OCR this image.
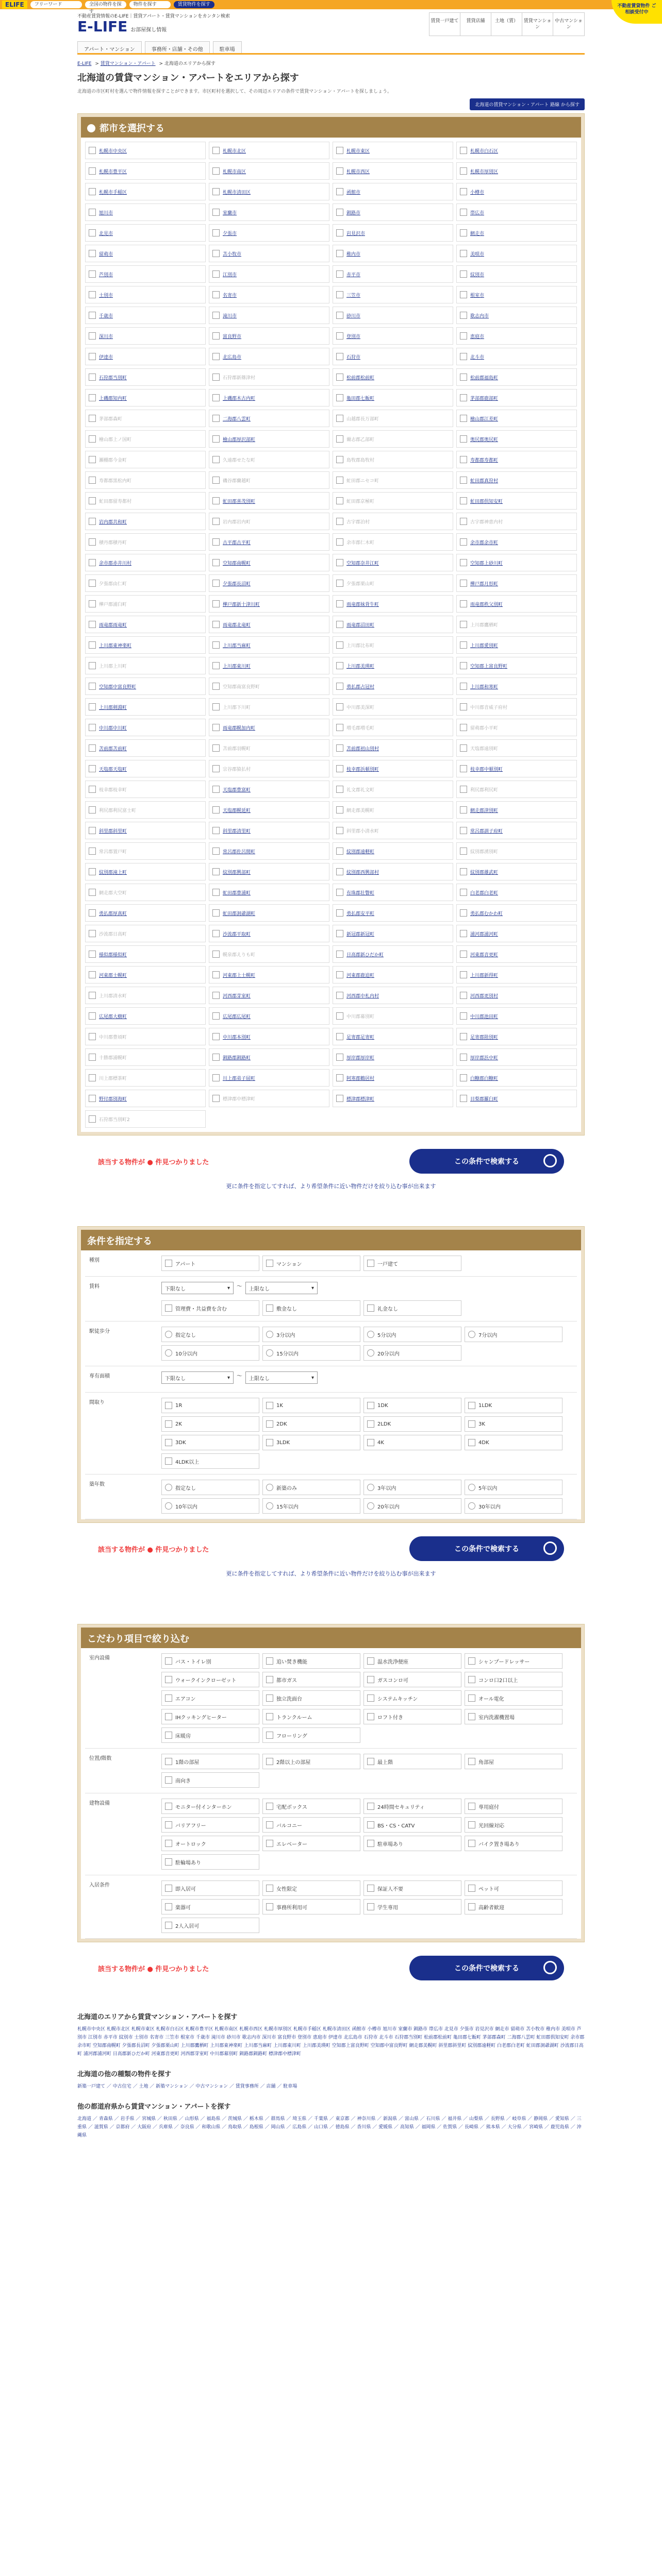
ELIFE	フリーワード	全国の物件を探す
物件を探す	賃貸物件を探す	不動産賃貸物件 ご相談受付中
不動産賃貸情報のE-LIFE｜賃貸アパート・賃貸マンションをカンタン検索
E-LIFE お部屋探し情報
賃貸一戸建て	賃貸店舗	土地（賃）	賃貸マンション
中古マンション
アパート・マンション	事務所・店舗・その他	駐車場
E-LIFE > 賃貸マンション・アパート > 北海道のエリアから探す
北海道の賃貸マンション・アパートをエリアから探す

北海道の市区町村を選んで物件情報を探すことができます。市区町村を選択して、その周辺エリアの条件で賃貸マンション・アパートを探しましょう。

北海道の賃貸マンション・アパート 路線 から探す
都市を選択する
札幌市中央区	札幌市北区	札幌市東区	札幌市白石区
札幌市豊平区	札幌市南区	札幌市西区	札幌市厚別区
札幌市手稲区	札幌市清田区	函館市	小樽市
旭川市	室蘭市	釧路市	帯広市
北見市	夕張市	岩見沢市	網走市
留萌市	苫小牧市	稚内市	美唄市
芦別市	江別市	赤平市	紋別市
士別市	名寄市	三笠市	根室市
千歳市	滝川市	砂川市	歌志内市
深川市	富良野市	登別市	恵庭市
伊達市	北広島市	石狩市	北斗市
石狩郡当別町	石狩郡新篠津村	松前郡松前町	松前郡福島町
上磯郡知内町	上磯郡木古内町	亀田郡七飯町	茅部郡鹿部町
茅部郡森町	二海郡八雲町	山越郡長万部町	檜山郡江差町
檜山郡上ノ国町	檜山郡厚沢部町	爾志郡乙部町	奥尻郡奥尻町
瀬棚郡今金町	久遠郡せたな町	島牧郡島牧村	寿都郡寿都町
寿都郡黒松内町	磯谷郡蘭越町	虻田郡ニセコ町	虻田郡真狩村
虻田郡留寿都村	虻田郡喜茂別町	虻田郡京極町	虻田郡倶知安町
岩内郡共和町	岩内郡岩内町	古宇郡泊村	古宇郡神恵内村
積丹郡積丹町	古平郡古平町	余市郡仁木町	余市郡余市町
余市郡赤井川村	空知郡南幌町	空知郡奈井江町	空知郡上砂川町
夕張郡由仁町	夕張郡長沼町	夕張郡栗山町	樺戸郡月形町
樺戸郡浦臼町	樺戸郡新十津川町	雨竜郡妹背牛町	雨竜郡秩父別町
雨竜郡雨竜町	雨竜郡北竜町	雨竜郡沼田町	上川郡鷹栖町
上川郡東神楽町	上川郡当麻町	上川郡比布町	上川郡愛別町
上川郡上川町	上川郡東川町	上川郡美瑛町	空知郡上富良野町
空知郡中富良野町	空知郡南富良野町	勇払郡占冠村	上川郡和寒町
上川郡剣淵町	上川郡下川町	中川郡美深町	中川郡音威子府村
中川郡中川町	雨竜郡幌加内町	増毛郡増毛町	留萌郡小平町
苫前郡苫前町	苫前郡羽幌町	苫前郡初山別村	天塩郡遠別町
天塩郡天塩町	宗谷郡猿払村	枝幸郡浜頓別町	枝幸郡中頓別町
枝幸郡枝幸町	天塩郡豊富町	礼文郡礼文町	利尻郡利尻町
利尻郡利尻富士町	天塩郡幌延町	網走郡美幌町	網走郡津別町
斜里郡斜里町	斜里郡清里町	斜里郡小清水町	常呂郡訓子府町
常呂郡置戸町	常呂郡佐呂間町	紋別郡遠軽町	紋別郡湧別町
紋別郡滝上町	紋別郡興部町	紋別郡西興部村	紋別郡雄武町
網走郡大空町	虻田郡豊浦町	有珠郡壮瞥町	白老郡白老町
勇払郡厚真町	虻田郡洞爺湖町	勇払郡安平町	勇払郡むかわ町
沙流郡日高町	沙流郡平取町	新冠郡新冠町	浦河郡浦河町
様似郡様似町	幌泉郡えりも町	日高郡新ひだか町	河東郡音更町
河東郡士幌町	河東郡上士幌町	河東郡鹿追町	上川郡新得町
上川郡清水町	河西郡芽室町	河西郡中札内村	河西郡更別村
広尾郡大樹町	広尾郡広尾町	中川郡幕別町	中川郡池田町
中川郡豊頃町	中川郡本別町	足寄郡足寄町	足寄郡陸別町
十勝郡浦幌町	釧路郡釧路町	厚岸郡厚岸町	厚岸郡浜中町
川上郡標茶町	川上郡弟子屈町	阿寒郡鶴居村	白糠郡白糠町
野付郡別海町	標津郡中標津町	標津郡標津町	目梨郡羅臼町
石狩郡当別町2
該当する物件が ● 件見つかりました	この条件で検索する

更に条件を指定してすれば、より希望条件に近い物件だけを絞り込む事が出来ます

条件を指定する
種別
アパート	マンション	一戸建て
賃料	下限なし	▾ 〜 上限なし	▾
管理費・共益費を含む	敷金なし	礼金なし
駅徒歩分
指定なし	3分以内	5分以内	7分以内
10分以内	15分以内	20分以内
専有面積	下限なし	▾ 〜 上限なし	▾
間取り	1R	1K	1DK	1LDK
2K	2DK	2LDK	3K
3DK	3LDK	4K	4DK
4LDK以上
築年数
指定なし	新築のみ	3年以内	5年以内
10年以内	15年以内	20年以内	30年以内
該当する物件が ● 件見つかりました	この条件で検索する

更に条件を指定してすれば、より希望条件に近い物件だけを絞り込む事が出来ます

こだわり項目で絞り込む
室内設備
バス・トイレ別	追い焚き機能	温水洗浄便座	シャンプードレッサー
ウォークインクローゼット	都市ガス	ガスコンロ可	コンロ口2口以上
エアコン	独立洗面台	システムキッチン	オール電化
IHクッキングヒーター	トランクルーム	ロフト付き	室内洗濯機置場
床暖房	フローリング
位置/階数
1階の部屋	2階以上の部屋	最上階	角部屋
南向き
建物設備
モニター付インターホン	宅配ボックス	24時間セキュリティ	専用庭付
バリアフリー	バルコニー	BS・CS・CATV	光回線対応
オートロック	エレベーター	駐車場あり	バイク置き場あり
駐輪場あり
入居条件
即入居可	女性限定	保証人不要	ペット可
楽器可	事務所利用可	学生専用	高齢者歓迎
2人入居可
該当する物件が ● 件見つかりました	この条件で検索する
北海道のエリアから賃貸マンション・アパートを探す

札幌市中央区 札幌市北区 札幌市東区 札幌市白石区 札幌市豊平区 札幌市南区 札幌市西区 札幌市厚別区 札幌市手稲区 札幌市清田区 函館市 小樽市 旭川市 室蘭市 釧路市 帯広市 北見市 夕張市 岩見沢市 網走市 留萌市 苫小牧市 稚内市 美唄市 芦別市 江別市 赤平市 紋別市 士別市 名寄市 三笠市 根室市 千歳市 滝川市 砂川市 歌志内市 深川市 富良野市 登別市 恵庭市 伊達市 北広島市 石狩市 北斗市 石狩郡当別町 松前郡松前町 亀田郡七飯町 茅部郡森町 二海郡八雲町 虻田郡倶知安町 余市郡余市町 空知郡南幌町 夕張郡長沼町 夕張郡栗山町 上川郡鷹栖町 上川郡東神楽町 上川郡当麻町 上川郡東川町 上川郡美瑛町 空知郡上富良野町 空知郡中富良野町 網走郡美幌町 斜里郡斜里町 紋別郡遠軽町 白老郡白老町 虻田郡洞爺湖町 沙流郡日高町 浦河郡浦河町 日高郡新ひだか町 河東郡音更町 河西郡芽室町 中川郡幕別町 釧路郡釧路町 標津郡中標津町

北海道の他の種類の物件を探す

新築一戸建て ／ 中古住宅 ／ 土地 ／ 新築マンション ／ 中古マンション ／ 賃貸事務所 ／ 店舗 ／ 駐車場

他の都道府県から賃貸マンション・アパートを探す

北海道 ／ 青森県 ／ 岩手県 ／ 宮城県 ／ 秋田県 ／ 山形県 ／ 福島県 ／ 茨城県 ／ 栃木県 ／ 群馬県 ／ 埼玉県 ／ 千葉県 ／ 東京都 ／ 神奈川県 ／ 新潟県 ／ 富山県 ／ 石川県 ／ 福井県 ／ 山梨県 ／ 長野県 ／ 岐阜県 ／ 静岡県 ／ 愛知県 ／ 三重県 ／ 滋賀県 ／ 京都府 ／ 大阪府 ／ 兵庫県 ／ 奈良県 ／ 和歌山県 ／ 鳥取県 ／ 島根県 ／ 岡山県 ／ 広島県 ／ 山口県 ／ 徳島県 ／ 香川県 ／ 愛媛県 ／ 高知県 ／ 福岡県 ／ 佐賀県 ／ 長崎県 ／ 熊本県 ／ 大分県 ／ 宮崎県 ／ 鹿児島県 ／ 沖縄県
